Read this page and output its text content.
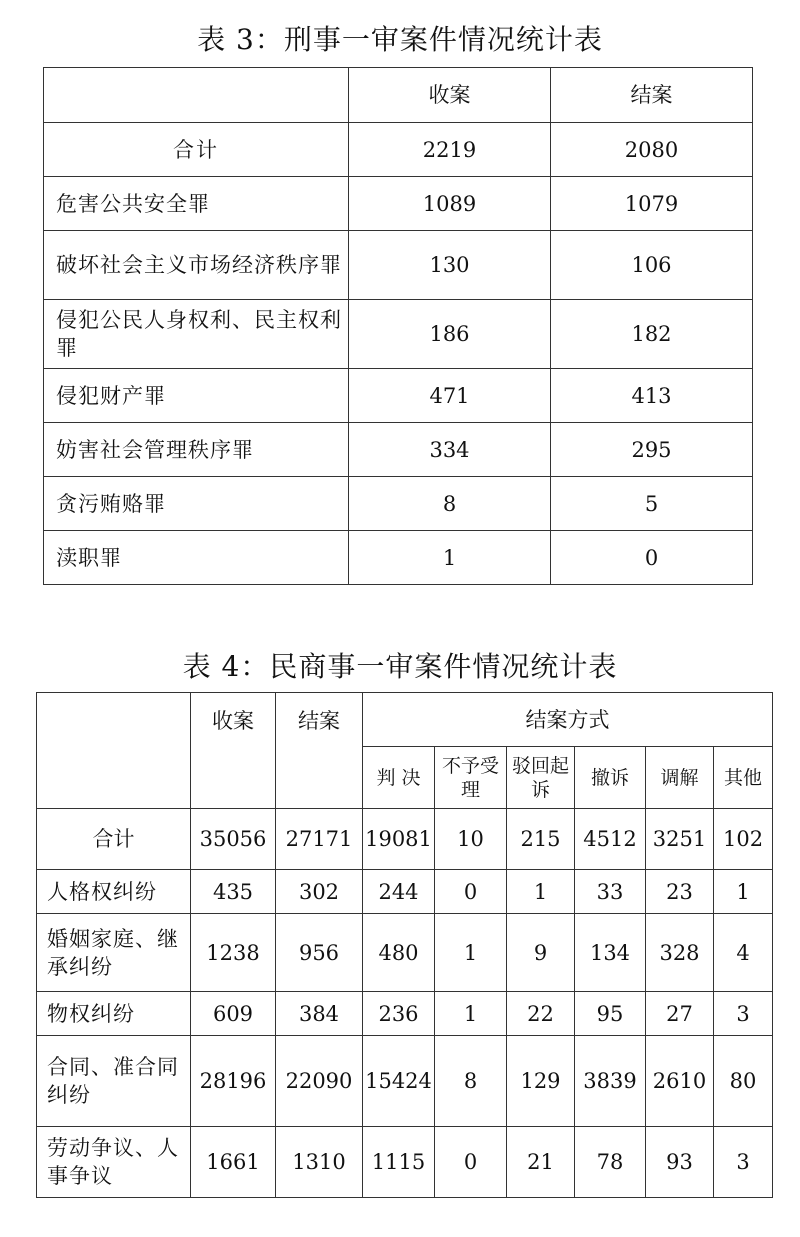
表 3：刑事一审案件情况统计表
	收案	结案
合计	2219	2080
危害公共安全罪	1089	1079
破坏社会主义市场经济秩序罪	130	106
侵犯公民人身权利、民主权利罪	186	182
侵犯财产罪	471	413
妨害社会管理秩序罪	334	295
贪污贿赂罪	8	5
渎职罪	1	0
表 4：民商事一审案件情况统计表
	收案	结案	结案方式					
			判 决	不予受理	驳回起诉	撤诉	调解	其他
合计	35056	27171	19081	10	215	4512	3251	102
人格权纠纷	435	302	244	0	1	33	23	1
婚姻家庭、继承纠纷	1238	956	480	1	9	134	328	4
物权纠纷	609	384	236	1	22	95	27	3
合同、准合同纠纷	28196	22090	15424	8	129	3839	2610	80
劳动争议、人事争议	1661	1310	1115	0	21	78	93	3
